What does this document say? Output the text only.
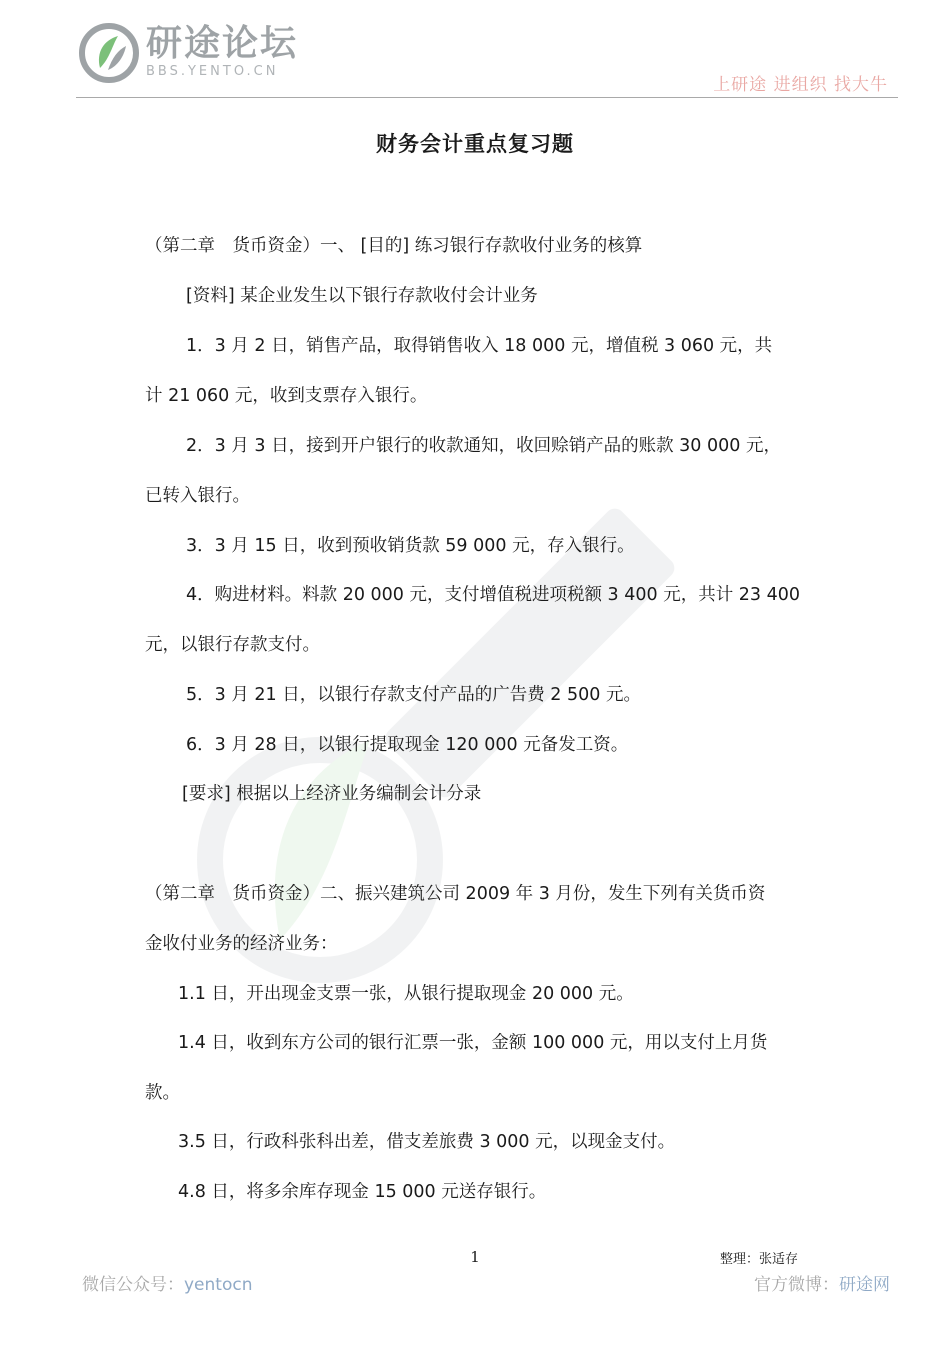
研途论坛
BBS.YENTO.CN
上研途 进组织 找大牛
财务会计重点复习题
（第二章　货币资金）一、 [目的] 练习银行存款收付业务的核算
[资料] 某企业发生以下银行存款收付会计业务
1．3 月 2 日，销售产品，取得销售收入 18 000 元，增值税 3 060 元，共
计 21 060 元，收到支票存入银行。
2．3 月 3 日，接到开户银行的收款通知，收回赊销产品的账款 30 000 元，
已转入银行。
3．3 月 15 日，收到预收销货款 59 000 元，存入银行。
4．购进材料。料款 20 000 元，支付增值税进项税额 3 400 元，共计 23 400
元，以银行存款支付。
5．3 月 21 日，以银行存款支付产品的广告费 2 500 元。
6．3 月 28 日，以银行提取现金 120 000 元备发工资。
[要求] 根据以上经济业务编制会计分录
（第二章　货币资金）二、振兴建筑公司 2009 年 3 月份，发生下列有关货币资
金收付业务的经济业务：
1.1 日，开出现金支票一张，从银行提取现金 20 000 元。
1.4 日，收到东方公司的银行汇票一张，金额 100 000 元，用以支付上月货
款。
3.5 日，行政科张科出差，借支差旅费 3 000 元，以现金支付。
4.8 日，将多余库存现金 15 000 元送存银行。
1	整理：张适存
微信公众号：yentocn	官方微博：研途网
